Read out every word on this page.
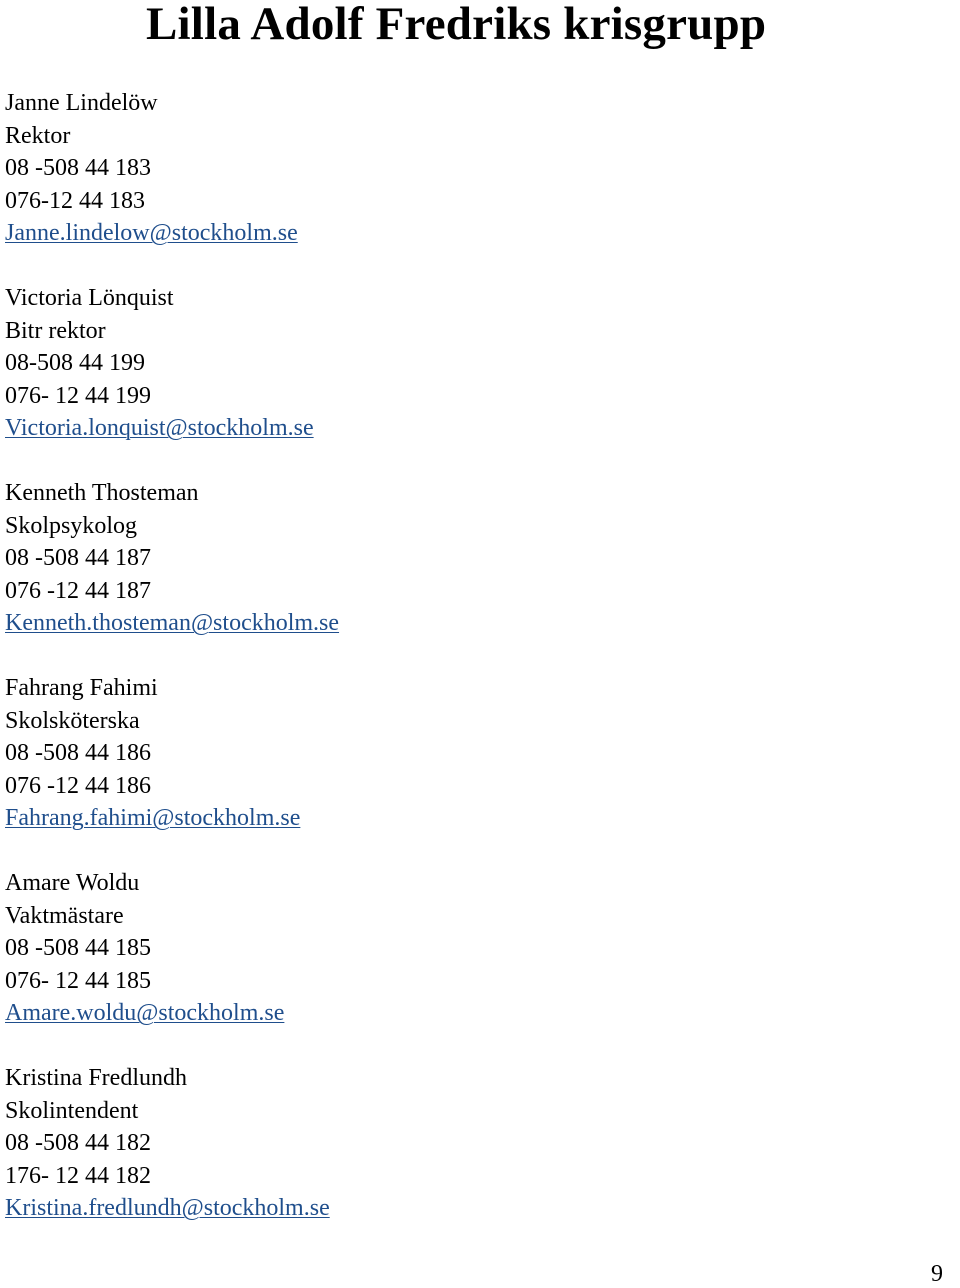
Lilla Adolf Fredriks krisgrupp
Janne Lindelöw
Rektor
08 -508 44 183
076-12 44 183
Janne.lindelow@stockholm.se
Victoria Lönquist
Bitr rektor
08-508 44 199
076- 12 44 199
Victoria.lonquist@stockholm.se
Kenneth Thosteman
Skolpsykolog
08 -508 44 187
076 -12 44 187
Kenneth.thosteman@stockholm.se
Fahrang Fahimi
Skolsköterska
08 -508 44 186
076 -12 44 186
Fahrang.fahimi@stockholm.se
Amare Woldu
Vaktmästare
08 -508 44 185
076- 12 44 185
Amare.woldu@stockholm.se
Kristina Fredlundh
Skolintendent
08 -508 44 182
176- 12 44 182
Kristina.fredlundh@stockholm.se
9
